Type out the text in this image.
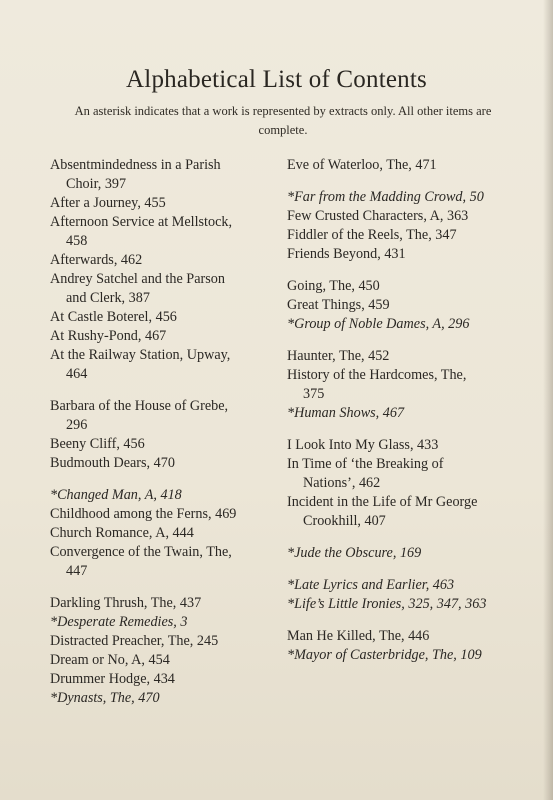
Alphabetical List of Contents
An asterisk indicates that a work is represented by extracts only. All other items are complete.

Absentmindedness in a Parish
Choir, 397

After a Journey, 455

Afternoon Service at Mellstock,
458

Afterwards, 462

Andrey Satchel and the Parson
and Clerk, 387

At Castle Boterel, 456

At Rushy-Pond, 467

At the Railway Station, Upway,
464

Barbara of the House of Grebe,
296

Beeny Cliff, 456

Budmouth Dears, 470

*Changed Man, A, 418

Childhood among the Ferns, 469

Church Romance, A, 444

Convergence of the Twain, The,
447

Darkling Thrush, The, 437

*Desperate Remedies, 3

Distracted Preacher, The, 245

Dream or No, A, 454

Drummer Hodge, 434

*Dynasts, The, 470

Eve of Waterloo, The, 471

*Far from the Madding Crowd, 50

Few Crusted Characters, A, 363

Fiddler of the Reels, The, 347

Friends Beyond, 431

Going, The, 450

Great Things, 459

*Group of Noble Dames, A, 296

Haunter, The, 452

History of the Hardcomes, The,
375

*Human Shows, 467

I Look Into My Glass, 433

In Time of ‘the Breaking of
Nations’, 462

Incident in the Life of Mr George
Crookhill, 407

*Jude the Obscure, 169

*Late Lyrics and Earlier, 463

*Life’s Little Ironies, 325, 347, 363

Man He Killed, The, 446

*Mayor of Casterbridge, The, 109
